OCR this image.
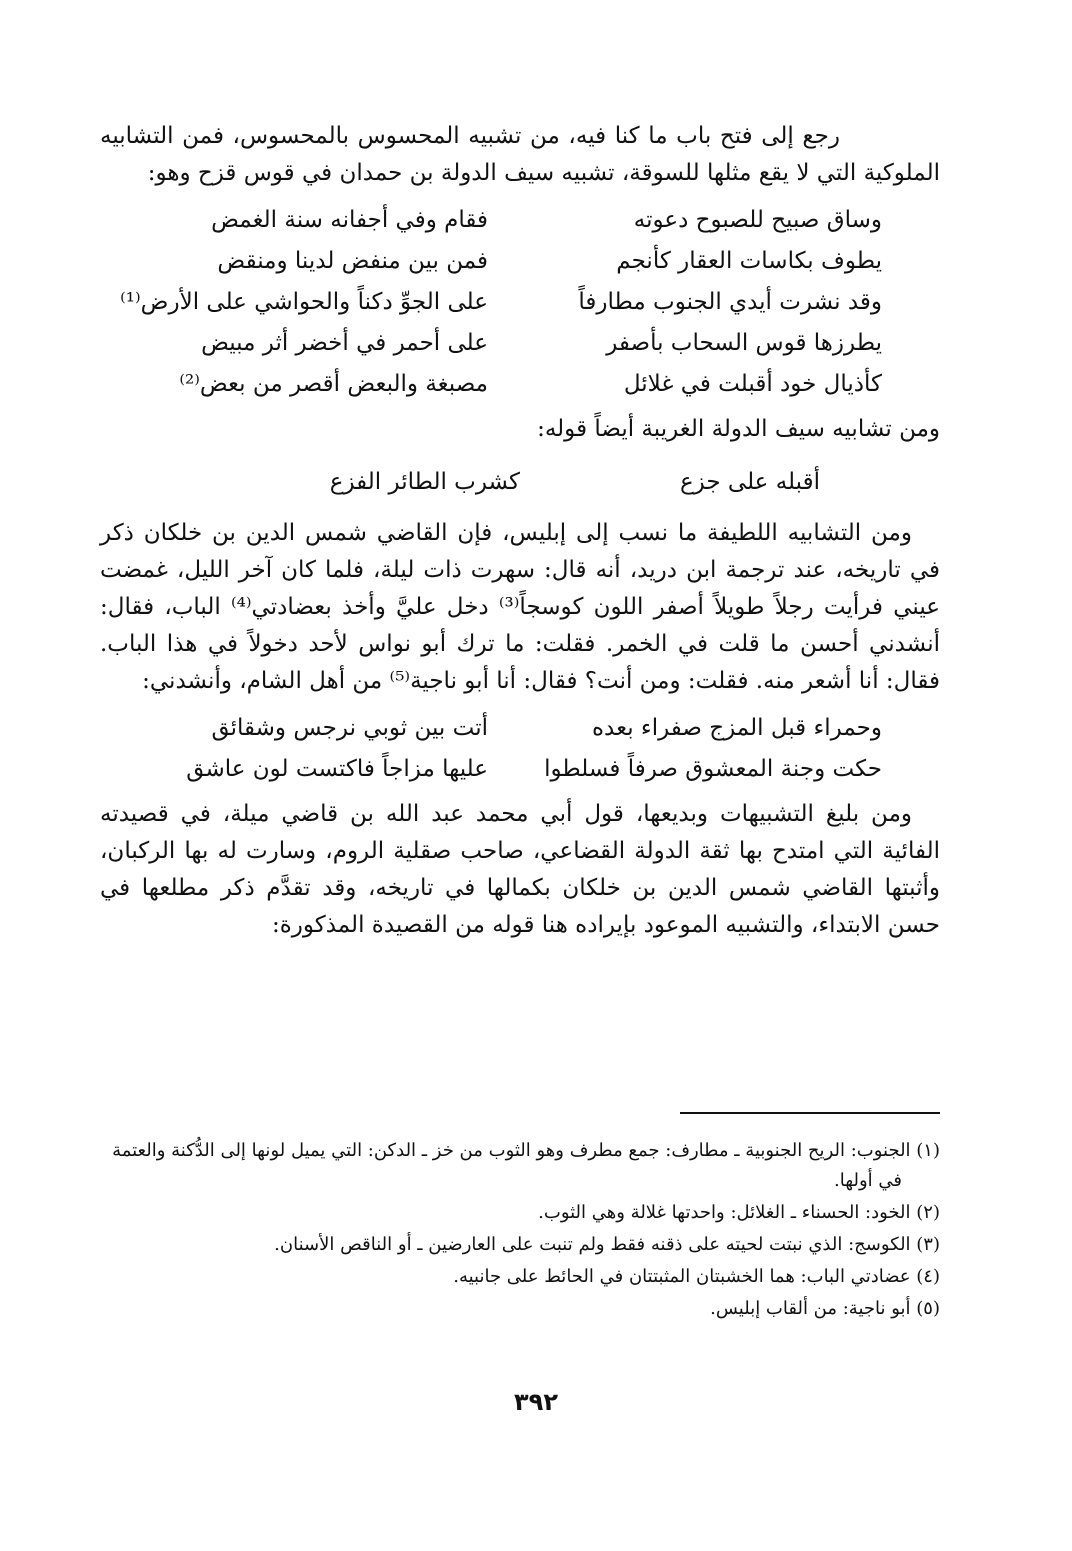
رجع إلى فتح باب ما كنا فيه، من تشبيه المحسوس بالمحسوس، فمن التشابيه الملوكية التي لا يقع مثلها للسوقة، تشبيه سيف الدولة بن حمدان في قوس قزح وهو:

وساق صبيح للصبوح دعوته
فقام وفي أجفانه سنة الغمض
يطوف بكاسات العقار كأنجم
فمن بين منفض لدينا ومنقض
وقد نشرت أيدي الجنوب مطارفاً
على الجوِّ دكناً والحواشي على الأرض⁽¹⁾
يطرزها قوس السحاب بأصفر
على أحمر في أخضر أثر مبيض
كأذيال خود أقبلت في غلائل
مصبغة والبعض أقصر من بعض⁽²⁾

ومن تشابيه سيف الدولة الغريبة أيضاً قوله:

أقبله على جزع
كشرب الطائر الفزع

ومن التشابيه اللطيفة ما نسب إلى إبليس، فإن القاضي شمس الدين بن خلكان ذكر في تاريخه، عند ترجمة ابن دريد، أنه قال: سهرت ذات ليلة، فلما كان آخر الليل، غمضت عيني فرأيت رجلاً طويلاً أصفر اللون كوسجاً⁽³⁾ دخل عليَّ وأخذ بعضادتي⁽⁴⁾ الباب، فقال: أنشدني أحسن ما قلت في الخمر. فقلت: ما ترك أبو نواس لأحد دخولاً في هذا الباب. فقال: أنا أشعر منه. فقلت: ومن أنت؟ فقال: أنا أبو ناجية⁽⁵⁾ من أهل الشام، وأنشدني:

وحمراء قبل المزج صفراء بعده
أتت بين ثوبي نرجس وشقائق
حكت وجنة المعشوق صرفاً فسلطوا
عليها مزاجاً فاكتست لون عاشق

ومن بليغ التشبيهات وبديعها، قول أبي محمد عبد الله بن قاضي ميلة، في قصيدته الفائية التي امتدح بها ثقة الدولة القضاعي، صاحب صقلية الروم، وسارت له بها الركبان، وأثبتها القاضي شمس الدين بن خلكان بكمالها في تاريخه، وقد تقدَّم ذكر مطلعها في حسن الابتداء، والتشبيه الموعود بإيراده هنا قوله من القصيدة المذكورة:

(١) الجنوب: الريح الجنوبية ـ مطارف: جمع مطرف وهو الثوب من خز ـ الدكن: التي يميل لونها إلى الدُّكنة والعتمة في أولها.

(٢) الخود: الحسناء ـ الغلائل: واحدتها غلالة وهي الثوب.

(٣) الكوسج: الذي نبتت لحيته على ذقنه فقط ولم تنبت على العارضين ـ أو الناقص الأسنان.

(٤) عضادتي الباب: هما الخشبتان المثبتتان في الحائط على جانبيه.

(٥) أبو ناجية: من ألقاب إبليس.

٣٩٢
